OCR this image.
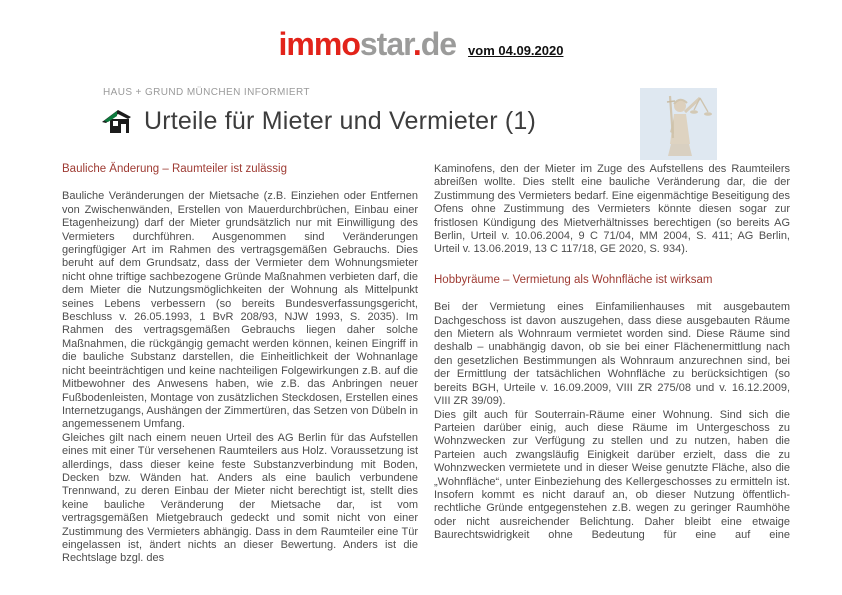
immostar.de vom 04.09.2020
HAUS + GRUND MÜNCHEN INFORMIERT
Urteile für Mieter und Vermieter (1)
Bauliche Änderung – Raumteiler ist zulässig

Bauliche Veränderungen der Mietsache (z.B. Einziehen oder Entfernen von Zwischenwänden, Erstellen von Mauerdurchbrüchen, Einbau einer Etagenheizung) darf der Mieter grundsätzlich nur mit Einwilligung des Vermieters durchführen. Ausgenommen sind Veränderungen geringfügiger Art im Rahmen des vertragsgemäßen Gebrauchs. Dies beruht auf dem Grundsatz, dass der Vermieter dem Wohnungsmieter nicht ohne triftige sachbezogene Gründe Maßnahmen verbieten darf, die dem Mieter die Nutzungsmöglichkeiten der Wohnung als Mittelpunkt seines Lebens verbessern (so bereits Bundesverfassungsgericht, Beschluss v. 26.05.1993, 1 BvR 208/93, NJW 1993, S. 2035). Im Rahmen des vertragsgemäßen Gebrauchs liegen daher solche Maßnahmen, die rückgängig gemacht werden können, keinen Eingriff in die bauliche Substanz darstellen, die Einheitlichkeit der Wohnanlage nicht beeinträchtigen und keine nachteiligen Folgewirkungen z.B. auf die Mitbewohner des Anwesens haben, wie z.B. das Anbringen neuer Fußbodenleisten, Montage von zusätzlichen Steckdosen, Erstellen eines Internetzugangs, Aushängen der Zimmertüren, das Setzen von Dübeln in angemessenem Umfang.

Gleiches gilt nach einem neuen Urteil des AG Berlin für das Aufstellen eines mit einer Tür versehenen Raumteilers aus Holz. Voraussetzung ist allerdings, dass dieser keine feste Substanzverbindung mit Boden, Decken bzw. Wänden hat. Anders als eine baulich verbundene Trennwand, zu deren Einbau der Mieter nicht berechtigt ist, stellt dies keine bauliche Veränderung der Mietsache dar, ist vom vertragsgemäßen Mietgebrauch gedeckt und somit nicht von einer Zustimmung des Vermieters abhängig. Dass in dem Raumteiler eine Tür eingelassen ist, ändert nichts an dieser Bewertung. Anders ist die Rechtslage bzgl. des

Kaminofens, den der Mieter im Zuge des Aufstellens des Raumteilers abreißen wollte. Dies stellt eine bauliche Veränderung dar, die der Zustimmung des Vermieters bedarf. Eine eigenmächtige Beseitigung des Ofens ohne Zustimmung des Vermieters könnte diesen sogar zur fristlosen Kündigung des Mietverhältnisses berechtigen (so bereits AG Berlin, Urteil v. 10.06.2004, 9 C 71/04, MM 2004, S. 411; AG Berlin, Urteil v. 13.06.2019, 13 C 117/18, GE 2020, S. 934).

Hobbyräume – Vermietung als Wohnfläche ist wirksam

Bei der Vermietung eines Einfamilienhauses mit ausgebautem Dachgeschoss ist davon auszugehen, dass diese ausgebauten Räume den Mietern als Wohnraum vermietet worden sind. Diese Räume sind deshalb – unabhängig davon, ob sie bei einer Flächenermittlung nach den gesetzlichen Bestimmungen als Wohnraum anzurechnen sind, bei der Ermittlung der tatsächlichen Wohnfläche zu berücksichtigen (so bereits BGH, Urteile v. 16.09.2009, VIII ZR 275/08 und v. 16.12.2009, VIII ZR 39/09).

Dies gilt auch für Souterrain-Räume einer Wohnung. Sind sich die Parteien darüber einig, auch diese Räume im Untergeschoss zu Wohnzwecken zur Verfügung zu stellen und zu nutzen, haben die Parteien auch zwangsläufig Einigkeit darüber erzielt, dass die zu Wohnzwecken vermietete und in dieser Weise genutzte Fläche, also die „Wohnfläche“, unter Einbeziehung des Kellergeschosses zu ermitteln ist. Insofern kommt es nicht darauf an, ob dieser Nutzung öffentlich-rechtliche Gründe entgegenstehen z.B. wegen zu geringer Raumhöhe oder nicht ausreichender Belichtung. Daher bleibt eine etwaige Baurechtswidrigkeit ohne Bedeutung für eine auf eine
